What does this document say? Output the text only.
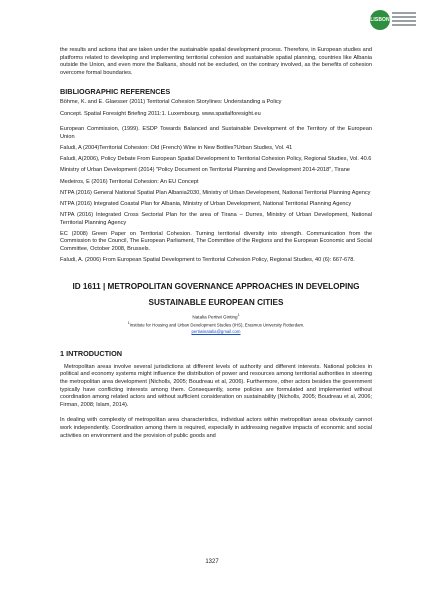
LISBON

the results and actions that are taken under the sustainable spatial development process. Therefore, in European studies and platforms related to developing and implementing territorial cohesion and sustainable spatial planning, countries like Albania outside the Union, and even more the Balkans, should not be excluded, on the contrary involved, as the benefits of cohesion overcome formal boundaries.

BIBLIOGRAPHIC REFERENCES

Böhme, K. and E. Glaesser (2011) Territorial Cohesion Storylines: Understanding a Policy

Concept. Spatial Foresight Briefing 2011:1. Luxembourg. www.spatialforesight.eu

European Commission, (1999). ESDP Towards Balanced and Sustainable Development of the Territory of the European Union

Faludi, A (2004)Territorial Cohesion: Old (French) Wine in New Bottles?Urban Studies, Vol. 41

Faludi, A(2006), Policy Debate From European Spatial Development to Territorial Cohesion Policy, Regional Studies, Vol. 40.6

Ministry of Urban Development (2014) "Policy Document on Territorial Planning and Development 2014-2018", Tirane

Medeiros, E (2016) Territorial Cohesion: An EU Concept

NTPA (2016) General National Spatial Plan Albania2030, Ministry of Urban Development, National Territorial Planning Agency

NTPA (2016) Integrated Coastal Plan for Albania, Ministry of Urban Development, National Territorial Planning Agency

NTPA (2016) Integrated Cross Sectorial Plan for the area of Tirana – Durres, Ministry of Urban Development, National Territorial Planning Agency

EC (2008) Green Paper on Territorial Cohesion. Turning territorial diversity into strength. Communication from the Commission to the Council, The European Parliament, The Committee of the Regions and the European Economic and Social Committee, October 2008, Brussels.

Faludi, A. (2006) From European Spatial Development to Territorial Cohesion Policy, Regional Studies, 40 (6): 667-678.

ID 1611 | METROPOLITAN GOVERNANCE APPROACHES IN DEVELOPING
SUSTAINABLE EUROPEAN CITIES

Natalia Pertiwi Ginting$^1$

$^1$Institute for Housing and Urban Development Studies (IHS), Erasmus University Rotterdam.

pertiwinatalia@gmail.com

1 INTRODUCTION

Metropolitan areas involve several jurisdictions at different levels of authority and different interests. National policies in political and economy systems might influence the distribution of power and resources among territorial authorities in steering the metropolitan area development (Nicholls, 2005; Boudreau et al, 2006). Furthermore, other actors besides the government typically have conflicting interests among them. Consequently, some policies are formulated and implemented without coordination among related actors and without sufficient consideration on sustainability (Nicholls, 2005; Boudreau et al, 2006; Firman, 2008; Islam, 2014).

In dealing with complexity of metropolitan area characteristics, individual actors within metropolitan areas obviously cannot work independently. Coordination among them is required, especially in addressing negative impacts of economic and social activities on environment and the provision of public goods and

1327
